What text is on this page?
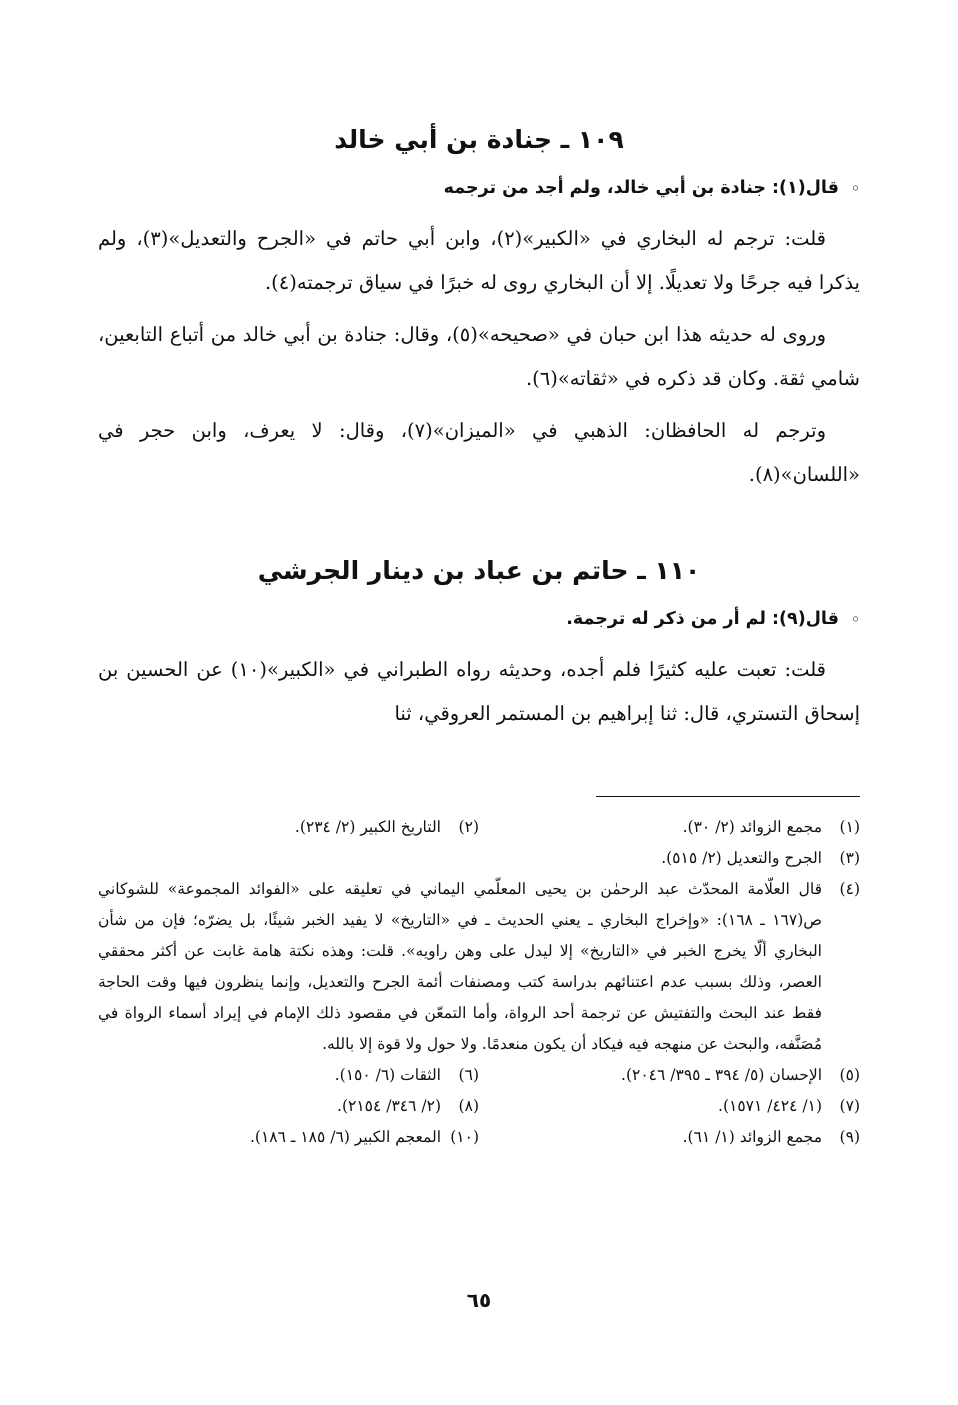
١٠٩ ـ جنادة بن أبي خالد
◦ قال(١): جنادة بن أبي خالد، ولم أجد من ترجمه

قلت: ترجم له البخاري في «الكبير»(٢)، وابن أبي حاتم في «الجرح والتعديل»(٣)، ولم يذكرا فيه جرحًا ولا تعديلًا. إلا أن البخاري روى له خبرًا في سياق ترجمته(٤).

وروى له حديثه هذا ابن حبان في «صحيحه»(٥)، وقال: جنادة بن أبي خالد من أتباع التابعين، شامي ثقة. وكان قد ذكره في «ثقاته»(٦).

وترجم له الحافظان: الذهبي في «الميزان»(٧)، وقال: لا يعرف، وابن حجر في «اللسان»(٨).

١١٠ ـ حاتم بن عباد بن دينار الجرشي
◦ قال(٩): لم أر من ذكر له ترجمة.

قلت: تعبت عليه كثيرًا فلم أجده، وحديثه رواه الطبراني في «الكبير»(١٠) عن الحسين بن إسحاق التستري، قال: ثنا إبراهيم بن المستمر العروقي، ثنا

(١)
مجمع الزوائد (٢/ ٣٠).
(٢)
التاريخ الكبير (٢/ ٢٣٤).
(٣)
الجرح والتعديل (٢/ ٥١٥).
(٤)
قال العلّامة المحدّث عبد الرحمٰن بن يحيى المعلّمي اليماني في تعليقه على «الفوائد المجموعة» للشوكاني ص(١٦٧ ـ ١٦٨): «وإخراج البخاري ـ يعني الحديث ـ في «التاريخ» لا يفيد الخبر شيئًا، بل يضرّه؛ فإن من شأن البخاري ألّا يخرج الخبر في «التاريخ» إلا ليدل على وهن راويه». قلت: وهذه نكتة هامة غابت عن أكثر محققي العصر، وذلك بسبب عدم اعتنائهم بدراسة كتب ومصنفات أئمة الجرح والتعديل، وإنما ينظرون فيها وقت الحاجة فقط عند البحث والتفتيش عن ترجمة أحد الرواة، وأما التمعّن في مقصود ذلك الإمام في إيراد أسماء الرواة في مُصَنَّفه، والبحث عن منهجه فيه فيكاد أن يكون منعدمًا. ولا حول ولا قوة إلا بالله.
(٥)
الإحسان (٥/ ٣٩٤ ـ ٣٩٥/ ٢٠٤٦).
(٦)
الثقات (٦/ ١٥٠).
(٧)
(١/ ٤٢٤/ ١٥٧١).
(٨)
(٢/ ٣٤٦/ ٢١٥٤).
(٩)
مجمع الزوائد (١/ ٦١).
(١٠)
المعجم الكبير (٦/ ١٨٥ ـ ١٨٦).
٦٥
